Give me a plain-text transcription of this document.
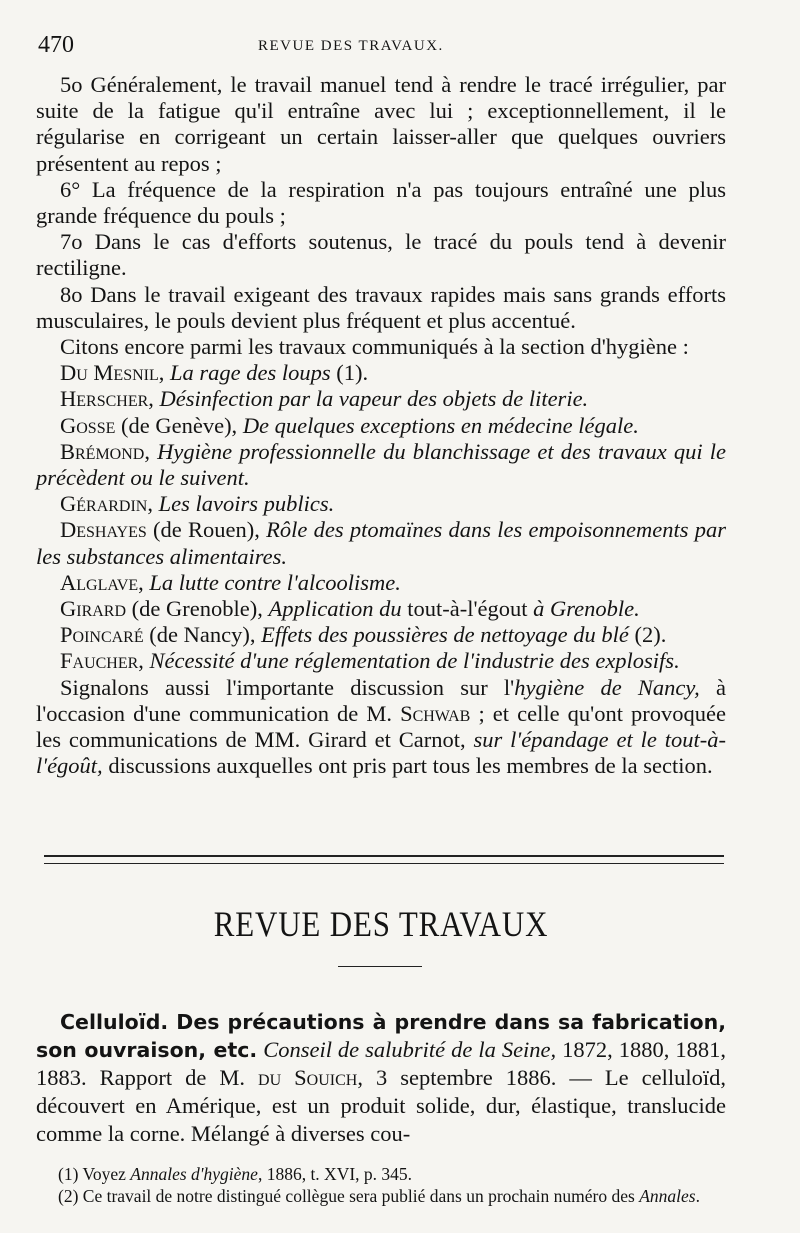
470	REVUE DES TRAVAUX.

5o Généralement, le travail manuel tend à rendre le tracé irrégulier, par suite de la fatigue qu'il entraîne avec lui ; exceptionnellement, il le régularise en corrigeant un certain laisser-aller que quelques ouvriers présentent au repos ;

6° La fréquence de la respiration n'a pas toujours entraîné une plus grande fréquence du pouls ;

7o Dans le cas d'efforts soutenus, le tracé du pouls tend à devenir rectiligne.

8o Dans le travail exigeant des travaux rapides mais sans grands efforts musculaires, le pouls devient plus fréquent et plus accentué.

Citons encore parmi les travaux communiqués à la section d'hygiène :

Du Mesnil, La rage des loups (1).

Herscher, Désinfection par la vapeur des objets de literie.

Gosse (de Genève), De quelques exceptions en médecine légale.

Brémond, Hygiène professionnelle du blanchissage et des travaux qui le précèdent ou le suivent.

Gérardin, Les lavoirs publics.

Deshayes (de Rouen), Rôle des ptomaïnes dans les empoisonnements par les substances alimentaires.

Alglave, La lutte contre l'alcoolisme.

Girard (de Grenoble), Application du tout-à-l'égout à Grenoble.

Poincaré (de Nancy), Effets des poussières de nettoyage du blé (2).

Faucher, Nécessité d'une réglementation de l'industrie des explosifs.

Signalons aussi l'importante discussion sur l'hygiène de Nancy, à l'occasion d'une communication de M. Schwab ; et celle qu'ont provoquée les communications de MM. Girard et Carnot, sur l'épandage et le tout-à-l'égoût, discussions auxquelles ont pris part tous les membres de la section.

REVUE DES TRAVAUX

Celluloïd. Des précautions à prendre dans sa fabrication, son ouvraison, etc. Conseil de salubrité de la Seine, 1872, 1880, 1881, 1883. Rapport de M. du Souich, 3 septembre 1886. — Le celluloïd, découvert en Amérique, est un produit solide, dur, élastique, translucide comme la corne. Mélangé à diverses cou-

(1) Voyez Annales d'hygiène, 1886, t. XVI, p. 345.

(2) Ce travail de notre distingué collègue sera publié dans un prochain numéro des Annales.
